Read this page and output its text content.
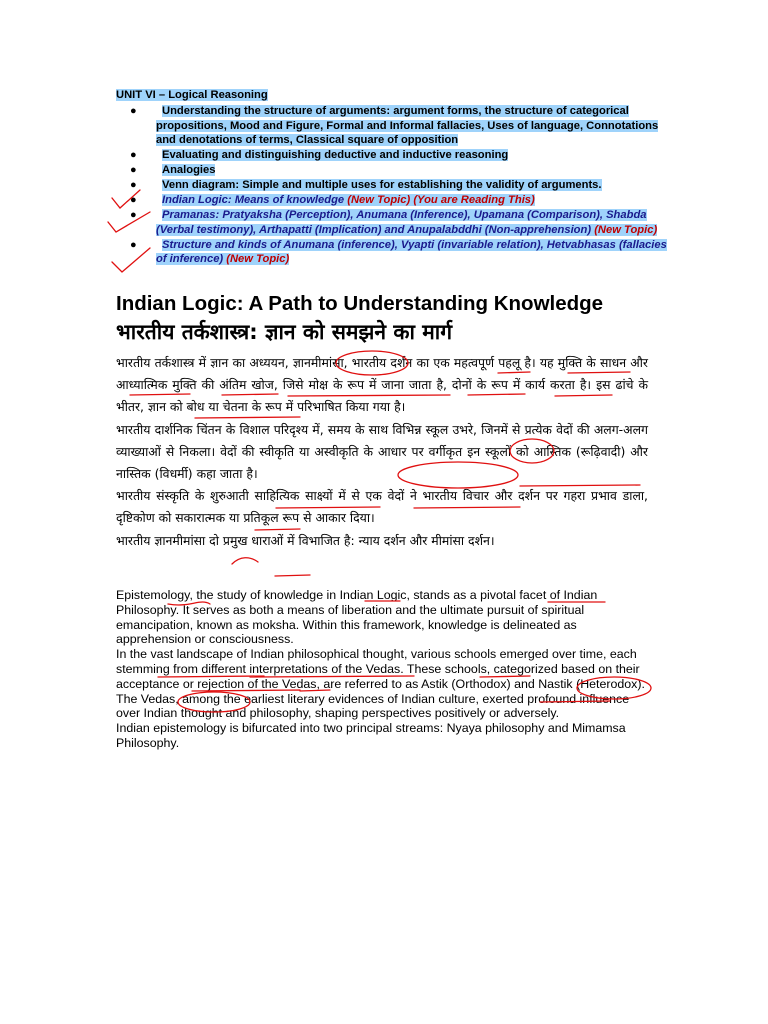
UNIT VI – Logical Reasoning
●	Understanding the structure of arguments: argument forms, the structure of categorical propositions, Mood and Figure, Formal and Informal fallacies, Uses of language, Connotations and denotations of terms, Classical square of opposition
●	Evaluating and distinguishing deductive and inductive reasoning
●	Analogies
●	Venn diagram: Simple and multiple uses for establishing the validity of arguments.
●	Indian Logic: Means of knowledge (New Topic) (You are Reading This)
●	Pramanas: Pratyaksha (Perception), Anumana (Inference), Upamana (Comparison), Shabda (Verbal testimony), Arthapatti (Implication) and Anupalabddhi (Non-apprehension) (New Topic)
●	Structure and kinds of Anumana (inference), Vyapti (invariable relation), Hetvabhasas (fallacies of inference) (New Topic)
Indian Logic: A Path to Understanding Knowledge
भारतीय तर्कशास्त्र: ज्ञान को समझने का मार्ग

भारतीय तर्कशास्त्र में ज्ञान का अध्ययन, ज्ञानमीमांसा, भारतीय दर्शन का एक महत्वपूर्ण पहलू है। यह मुक्ति के साधन और आध्यात्मिक मुक्ति की अंतिम खोज, जिसे मोक्ष के रूप में जाना जाता है, दोनों के रूप में कार्य करता है। इस ढांचे के भीतर, ज्ञान को बोध या चेतना के रूप में परिभाषित किया गया है।

भारतीय दार्शनिक चिंतन के विशाल परिदृश्य में, समय के साथ विभिन्न स्कूल उभरे, जिनमें से प्रत्येक वेदों की अलग-अलग व्याख्याओं से निकला। वेदों की स्वीकृति या अस्वीकृति के आधार पर वर्गीकृत इन स्कूलों को आस्तिक (रूढ़िवादी) और नास्तिक (विधर्मी) कहा जाता है।

भारतीय संस्कृति के शुरुआती साहित्यिक साक्ष्यों में से एक वेदों ने भारतीय विचार और दर्शन पर गहरा प्रभाव डाला, दृष्टिकोण को सकारात्मक या प्रतिकूल रूप से आकार दिया।

भारतीय ज्ञानमीमांसा दो प्रमुख धाराओं में विभाजित है: न्याय दर्शन और मीमांसा दर्शन।

Epistemology, the study of knowledge in Indian Logic, stands as a pivotal facet of Indian Philosophy. It serves as both a means of liberation and the ultimate pursuit of spiritual emancipation, known as moksha. Within this framework, knowledge is delineated as apprehension or consciousness.

In the vast landscape of Indian philosophical thought, various schools emerged over time, each stemming from different interpretations of the Vedas. These schools, categorized based on their acceptance or rejection of the Vedas, are referred to as Astik (Orthodox) and Nastik (Heterodox).

The Vedas, among the earliest literary evidences of Indian culture, exerted profound influence over Indian thought and philosophy, shaping perspectives positively or adversely.

Indian epistemology is bifurcated into two principal streams: Nyaya philosophy and Mimamsa Philosophy.
